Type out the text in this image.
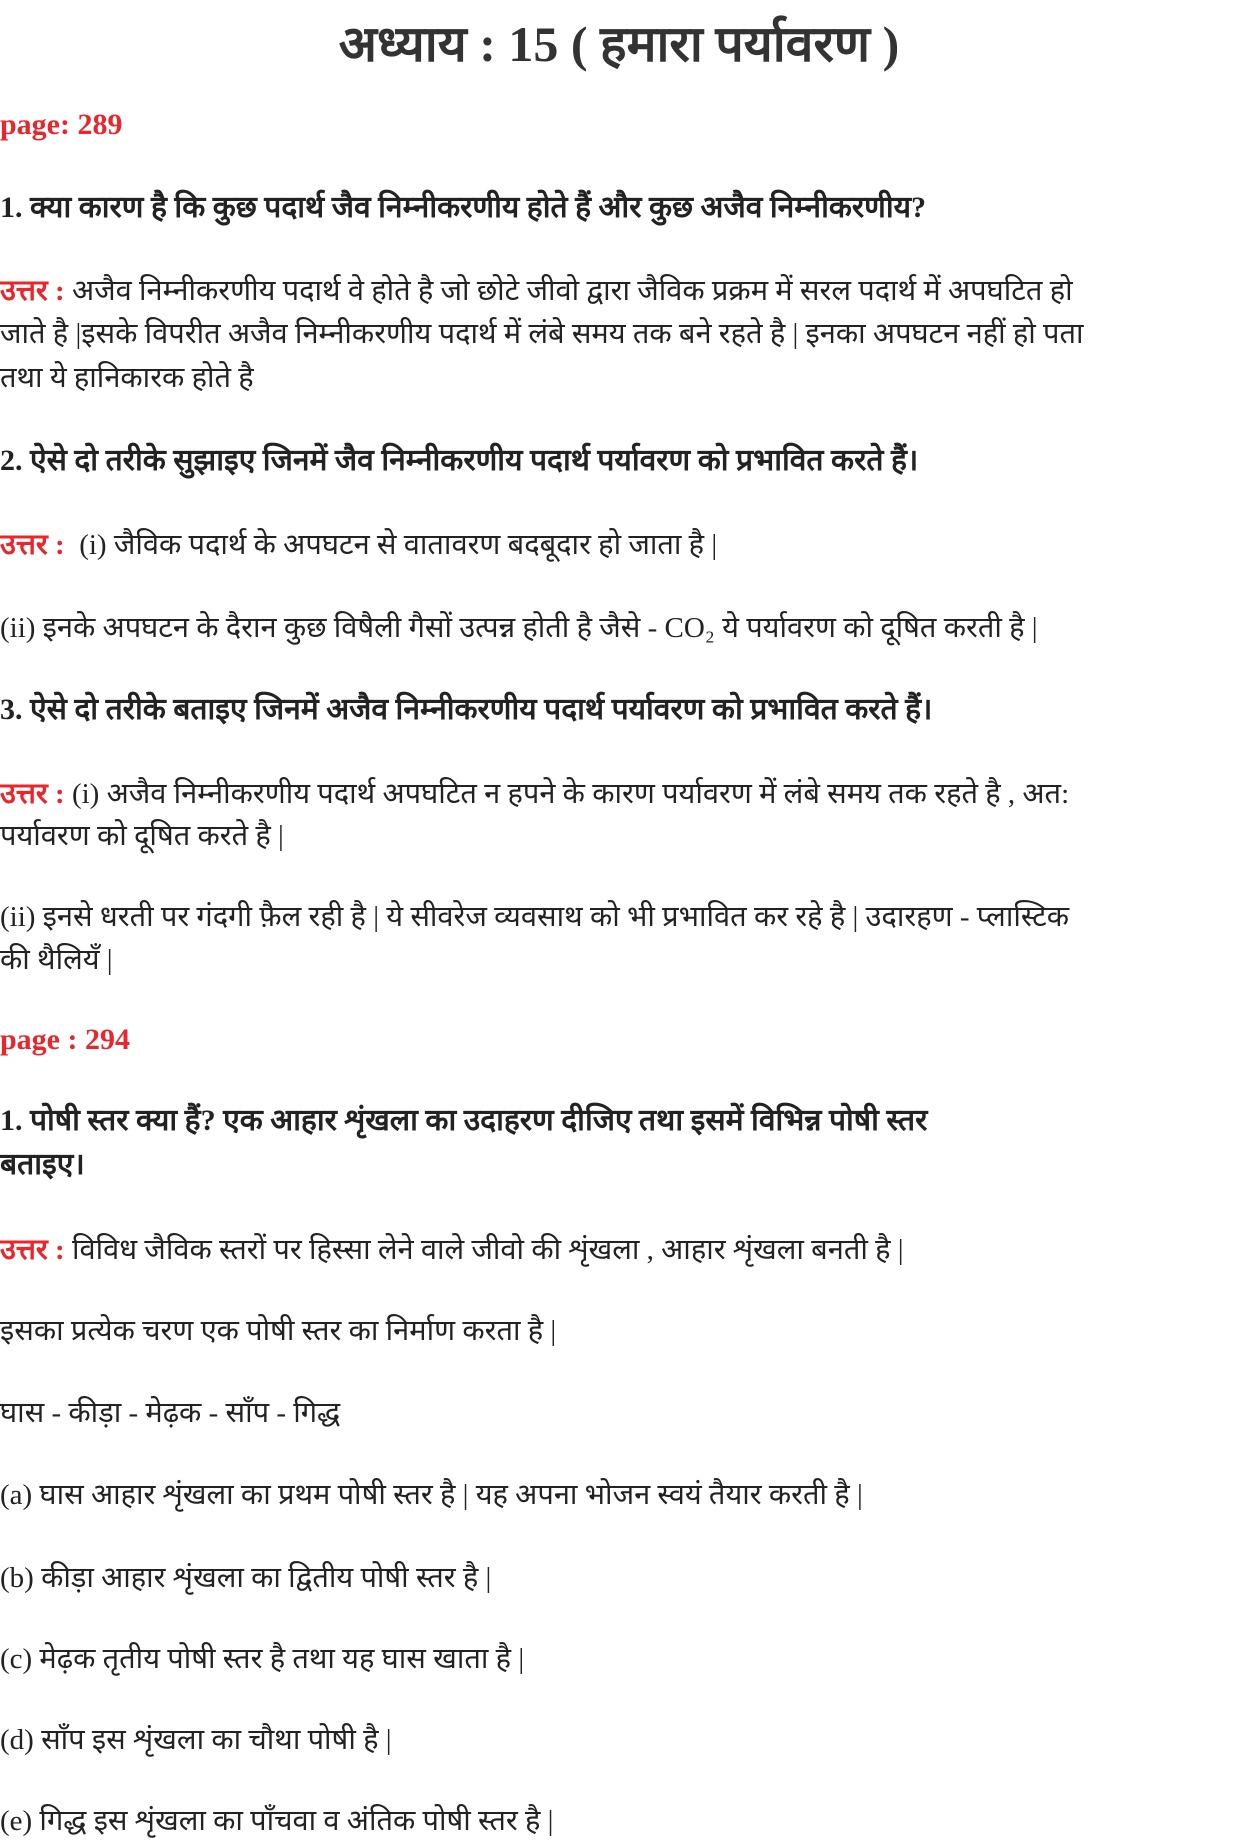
अध्याय : 15 ( हमारा पर्यावरण )
page: 289
1. क्या कारण है कि कुछ पदार्थ जैव निम्नीकरणीय होते हैं और कुछ अजैव निम्नीकरणीय?
उत्तर : अजैव निम्नीकरणीय पदार्थ वे होते है जो छोटे जीवो द्वारा जैविक प्रक्रम में सरल पदार्थ में अपघटित हो
जाते है |इसके विपरीत अजैव निम्नीकरणीय पदार्थ में लंबे समय तक बने रहते है | इनका अपघटन नहीं हो पता
तथा ये हानिकारक होते है
2. ऐसे दो तरीके सुझाइए जिनमें जैव निम्नीकरणीय पदार्थ पर्यावरण को प्रभावित करते हैं।
उत्तर : (i) जैविक पदार्थ के अपघटन से वातावरण बदबूदार हो जाता है |
(ii) इनके अपघटन के दैरान कुछ विषैली गैसों उत्पन्न होती है जैसे - CO₂ ये पर्यावरण को दूषित करती है |
3. ऐसे दो तरीके बताइए जिनमें अजैव निम्नीकरणीय पदार्थ पर्यावरण को प्रभावित करते हैं।
उत्तर : (i) अजैव निम्नीकरणीय पदार्थ अपघटित न हपने के कारण पर्यावरण में लंबे समय तक रहते है , अत:
पर्यावरण को दूषित करते है |
(ii) इनसे धरती पर गंदगी फ़ैल रही है | ये सीवरेज व्यवसाथ को भी प्रभावित कर रहे है | उदारहण - प्लास्टिक
की थैलियँ |
page : 294
1. पोषी स्तर क्या हैं? एक आहार शृंखला का उदाहरण दीजिए तथा इसमें विभिन्न पोषी स्तर
बताइए।
उत्तर : विविध जैविक स्तरों पर हिस्सा लेने वाले जीवो की शृंखला , आहार शृंखला बनती है |
इसका प्रत्येक चरण एक पोषी स्तर का निर्माण करता है |
घास - कीड़ा - मेढ़क - साँप - गिद्ध
(a) घास आहार शृंखला का प्रथम पोषी स्तर है | यह अपना भोजन स्वयं तैयार करती है |
(b) कीड़ा आहार शृंखला का द्वितीय पोषी स्तर है |
(c) मेढ़क तृतीय पोषी स्तर है तथा यह घास खाता है |
(d) साँप इस शृंखला का चौथा पोषी है |
(e) गिद्ध इस शृंखला का पाँचवा व अंतिक पोषी स्तर है |
